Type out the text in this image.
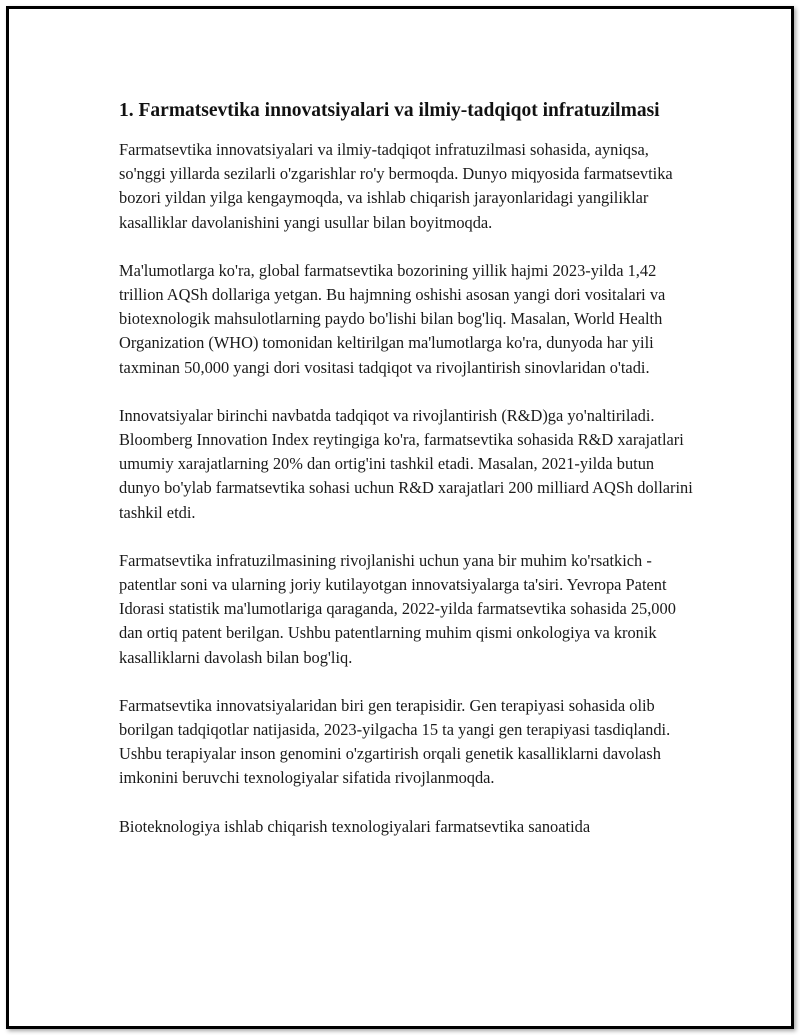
1. Farmatsevtika innovatsiyalari va ilmiy-tadqiqot infratuzilmasi

Farmatsevtika innovatsiyalari va ilmiy-tadqiqot infratuzilmasi sohasida, ayniqsa, so'nggi yillarda sezilarli o'zgarishlar ro'y bermoqda. Dunyo miqyosida farmatsevtika bozori yildan yilga kengaymoqda, va ishlab chiqarish jarayonlaridagi yangiliklar kasalliklar davolanishini yangi usullar bilan boyitmoqda.

Ma'lumotlarga ko'ra, global farmatsevtika bozorining yillik hajmi 2023-yilda 1,42 trillion AQSh dollariga yetgan. Bu hajmning oshishi asosan yangi dori vositalari va biotexnologik mahsulotlarning paydo bo'lishi bilan bog'liq. Masalan, World Health Organization (WHO) tomonidan keltirilgan ma'lumotlarga ko'ra, dunyoda har yili taxminan 50,000 yangi dori vositasi tadqiqot va rivojlantirish sinovlaridan o'tadi.

Innovatsiyalar birinchi navbatda tadqiqot va rivojlantirish (R&D)ga yo'naltiriladi. Bloomberg Innovation Index reytingiga ko'ra, farmatsevtika sohasida R&D xarajatlari umumiy xarajatlarning 20% dan ortig'ini tashkil etadi. Masalan, 2021-yilda butun dunyo bo'ylab farmatsevtika sohasi uchun R&D xarajatlari 200 milliard AQSh dollarini tashkil etdi.

Farmatsevtika infratuzilmasining rivojlanishi uchun yana bir muhim ko'rsatkich - patentlar soni va ularning joriy kutilayotgan innovatsiyalarga ta'siri. Yevropa Patent Idorasi statistik ma'lumotlariga qaraganda, 2022-yilda farmatsevtika sohasida 25,000 dan ortiq patent berilgan. Ushbu patentlarning muhim qismi onkologiya va kronik kasalliklarni davolash bilan bog'liq.

Farmatsevtika innovatsiyalaridan biri gen terapisidir. Gen terapiyasi sohasida olib borilgan tadqiqotlar natijasida, 2023-yilgacha 15 ta yangi gen terapiyasi tasdiqlandi. Ushbu terapiyalar inson genomini o'zgartirish orqali genetik kasalliklarni davolash imkonini beruvchi texnologiyalar sifatida rivojlanmoqda.

Bioteknologiya ishlab chiqarish texnologiyalari farmatsevtika sanoatida
